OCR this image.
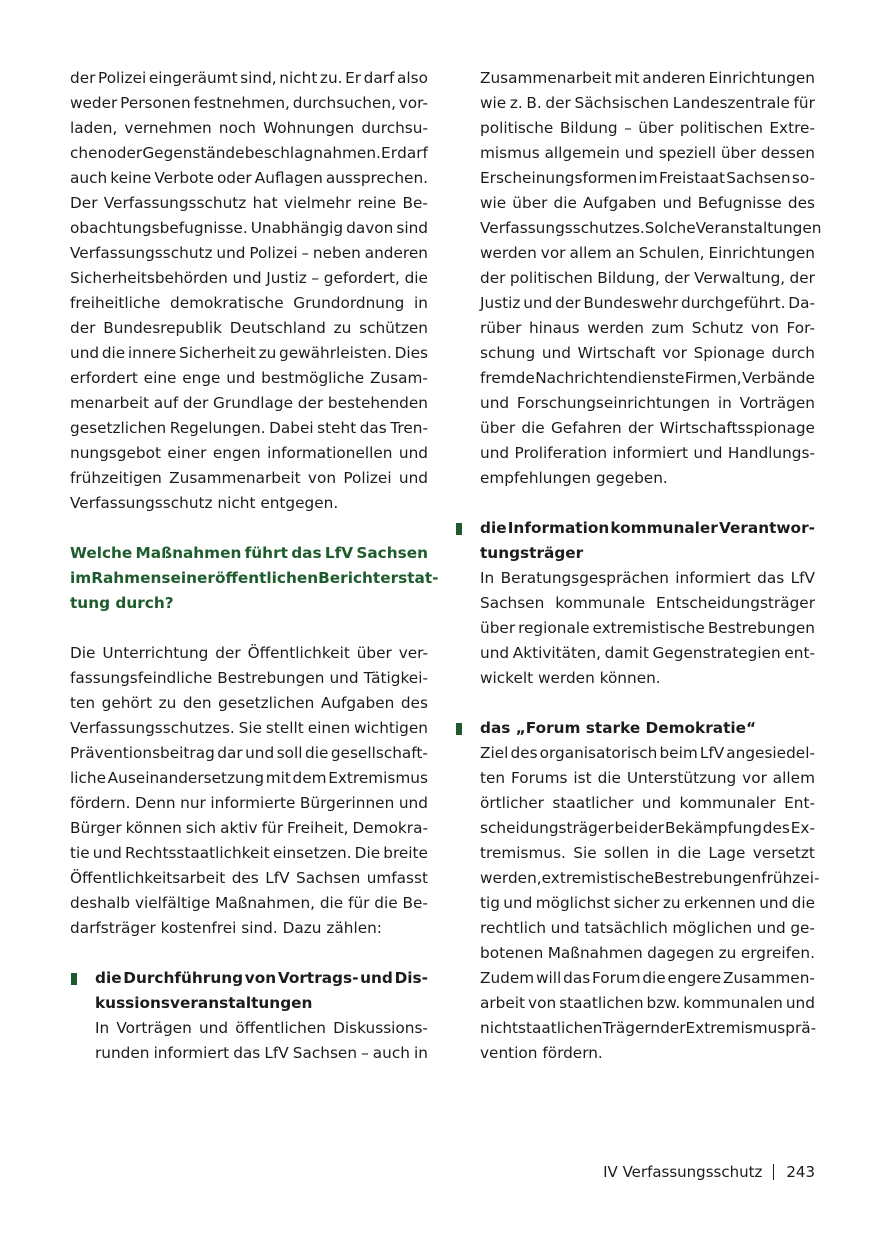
der Polizei eingeräumt sind, nicht zu. Er darf also
weder Personen festnehmen, durchsuchen, vor-
laden, vernehmen noch Wohnungen durchsu-
chen oder Gegenstände beschlagnahmen. Er darf
auch keine Verbote oder Auflagen aussprechen.
Der Verfassungsschutz hat vielmehr reine Be-
obachtungsbefugnisse. Unabhängig davon sind
Verfassungsschutz und Polizei – neben anderen
Sicherheitsbehörden und Justiz – gefordert, die
freiheitliche demokratische Grundordnung in
der Bundesrepublik Deutschland zu schützen
und die innere Sicherheit zu gewährleisten. Dies
erfordert eine enge und bestmögliche Zusam-
menarbeit auf der Grundlage der bestehenden
gesetzlichen Regelungen. Dabei steht das Tren-
nungsgebot einer engen informationellen und
frühzeitigen Zusammenarbeit von Polizei und
Verfassungsschutz nicht entgegen.
Welche Maßnahmen führt das LfV Sachsen
im Rahmen seiner öffentlichen Berichterstat-
tung durch?
Die Unterrichtung der Öffentlichkeit über ver-
fassungsfeindliche Bestrebungen und Tätigkei-
ten gehört zu den gesetzlichen Aufgaben des
Verfassungsschutzes. Sie stellt einen wichtigen
Präventionsbeitrag dar und soll die gesellschaft-
liche Auseinandersetzung mit dem Extremismus
fördern. Denn nur informierte Bürgerinnen und
Bürger können sich aktiv für Freiheit, Demokra-
tie und Rechtsstaatlichkeit einsetzen. Die breite
Öffentlichkeitsarbeit des LfV Sachsen umfasst
deshalb vielfältige Maßnahmen, die für die Be-
darfsträger kostenfrei sind. Dazu zählen:
die Durchführung von Vortrags- und Dis-
kussionsveranstaltungen
In Vorträgen und öffentlichen Diskussions-
runden informiert das LfV Sachsen – auch in
Zusammenarbeit mit anderen Einrichtungen
wie z. B. der Sächsischen Landeszentrale für
politische Bildung – über politischen Extre-
mismus allgemein und speziell über dessen
Erscheinungsformen im Freistaat Sachsen so-
wie über die Aufgaben und Befugnisse des
Verfassungsschutzes. Solche Veranstaltungen
werden vor allem an Schulen, Einrichtungen
der politischen Bildung, der Verwaltung, der
Justiz und der Bundeswehr durchgeführt. Da-
rüber hinaus werden zum Schutz von For-
schung und Wirtschaft vor Spionage durch
fremde Nachrichtendienste Firmen, Verbände
und Forschungseinrichtungen in Vorträgen
über die Gefahren der Wirtschaftsspionage
und Proliferation informiert und Handlungs-
empfehlungen gegeben.
die Information kommunaler Verantwor-
tungsträger
In Beratungsgesprächen informiert das LfV
Sachsen kommunale Entscheidungsträger
über regionale extremistische Bestrebungen
und Aktivitäten, damit Gegenstrategien ent-
wickelt werden können.
das „Forum starke Demokratie“
Ziel des organisatorisch beim LfV angesiedel-
ten Forums ist die Unterstützung vor allem
örtlicher staatlicher und kommunaler Ent-
scheidungsträger bei der Bekämpfung des Ex-
tremismus. Sie sollen in die Lage versetzt
werden, extremistische Bestrebungen frühzei-
tig und möglichst sicher zu erkennen und die
rechtlich und tatsächlich möglichen und ge-
botenen Maßnahmen dagegen zu ergreifen.
Zudem will das Forum die engere Zusammen-
arbeit von staatlichen bzw. kommunalen und
nichtstaatlichen Trägern der Extremismusprä-
vention fördern.
IV Verfassungsschutz 243
